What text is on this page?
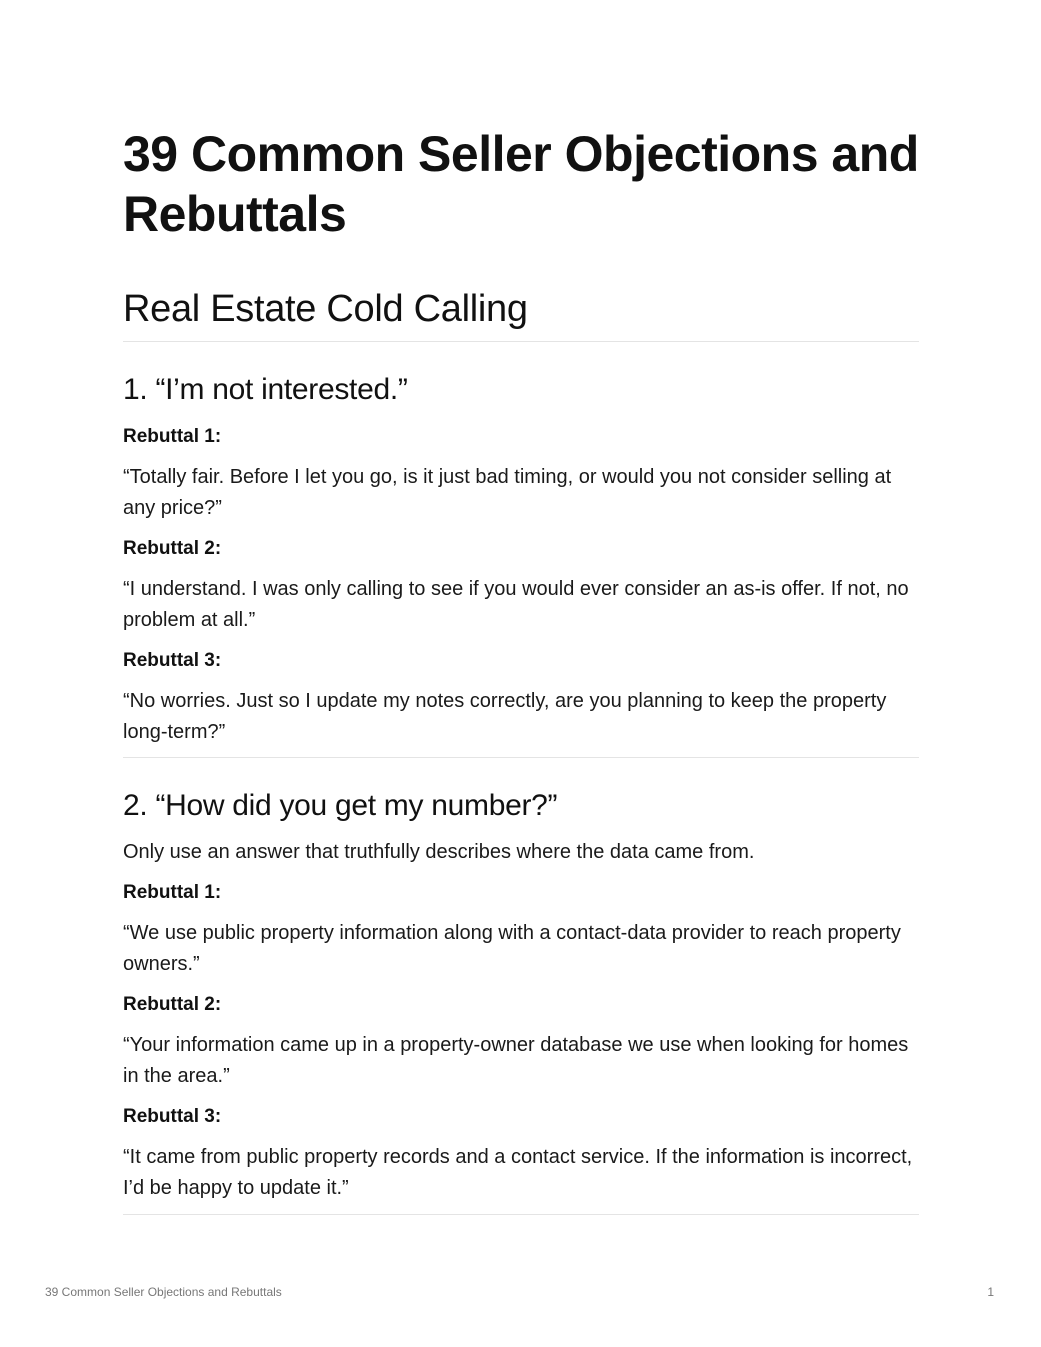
39 Common Seller Objections and Rebuttals
Real Estate Cold Calling
1. “I’m not interested.”
Rebuttal 1:

“Totally fair. Before I let you go, is it just bad timing, or would you not consider selling at any price?”

Rebuttal 2:

“I understand. I was only calling to see if you would ever consider an as-is offer. If not, no problem at all.”

Rebuttal 3:

“No worries. Just so I update my notes correctly, are you planning to keep the property long-term?”

2. “How did you get my number?”

Only use an answer that truthfully describes where the data came from.

Rebuttal 1:

“We use public property information along with a contact-data provider to reach property owners.”

Rebuttal 2:

“Your information came up in a property-owner database we use when looking for homes in the area.”

Rebuttal 3:

“It came from public property records and a contact service. If the information is incorrect, I’d be happy to update it.”

39 Common Seller Objections and Rebuttals	1
